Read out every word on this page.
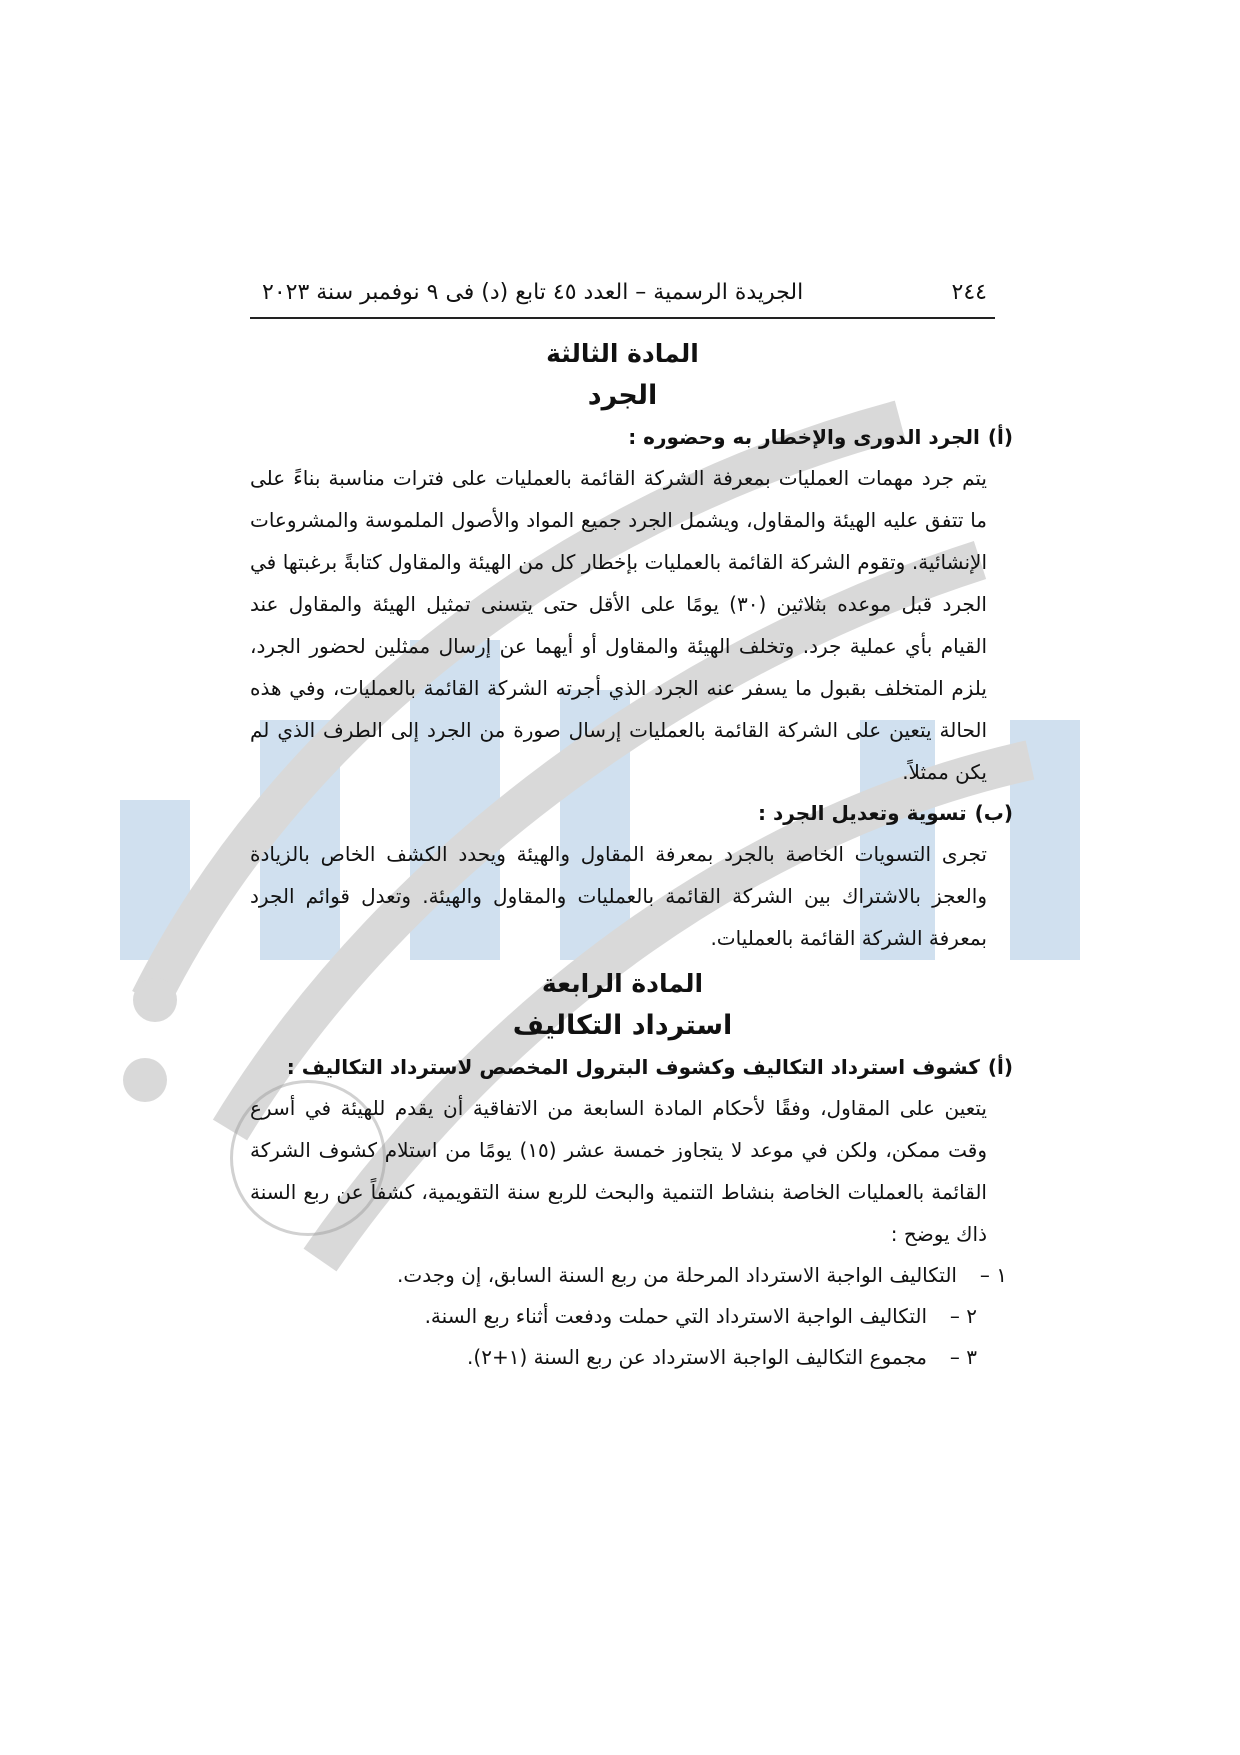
٢٤٤
الجريدة الرسمية – العدد ٤٥ تابع (د) فى ٩ نوفمبر سنة ٢٠٢٣
المادة الثالثة
الجرد
(أ)
الجرد الدورى والإخطار به وحضوره :
يتم جرد مهمات العمليات بمعرفة الشركة القائمة بالعمليات على فترات مناسبة بناءً على ما تتفق عليه الهيئة والمقاول، ويشمل الجرد جميع المواد والأصول الملموسة والمشروعات الإنشائية. وتقوم الشركة القائمة بالعمليات بإخطار كل من الهيئة والمقاول كتابةً برغبتها في الجرد قبل موعده بثلاثين (٣٠) يومًا على الأقل حتى يتسنى تمثيل الهيئة والمقاول عند القيام بأي عملية جرد. وتخلف الهيئة والمقاول أو أيهما عن إرسال ممثلين لحضور الجرد، يلزم المتخلف بقبول ما يسفر عنه الجرد الذي أجرته الشركة القائمة بالعمليات، وفي هذه الحالة يتعين على الشركة القائمة بالعمليات إرسال صورة من الجرد إلى الطرف الذي لم يكن ممثلاً.
(ب)
تسوية وتعديل الجرد :
تجرى التسويات الخاصة بالجرد بمعرفة المقاول والهيئة ويحدد الكشف الخاص بالزيادة والعجز بالاشتراك بين الشركة القائمة بالعمليات والمقاول والهيئة. وتعدل قوائم الجرد بمعرفة الشركة القائمة بالعمليات.
المادة الرابعة
استرداد التكاليف
(أ)
كشوف استرداد التكاليف وكشوف البترول المخصص لاسترداد التكاليف :
يتعين على المقاول، وفقًا لأحكام المادة السابعة من الاتفاقية أن يقدم للهيئة في أسرع وقت ممكن، ولكن في موعد لا يتجاوز خمسة عشر (١٥) يومًا من استلام كشوف الشركة القائمة بالعمليات الخاصة بنشاط التنمية والبحث للربع سنة التقويمية، كشفاً عن ربع السنة ذاك يوضح :
١ –
التكاليف الواجبة الاسترداد المرحلة من ربع السنة السابق، إن وجدت.
٢ –
التكاليف الواجبة الاسترداد التي حملت ودفعت أثناء ربع السنة.
٣ –
مجموع التكاليف الواجبة الاسترداد عن ربع السنة (١+٢).
